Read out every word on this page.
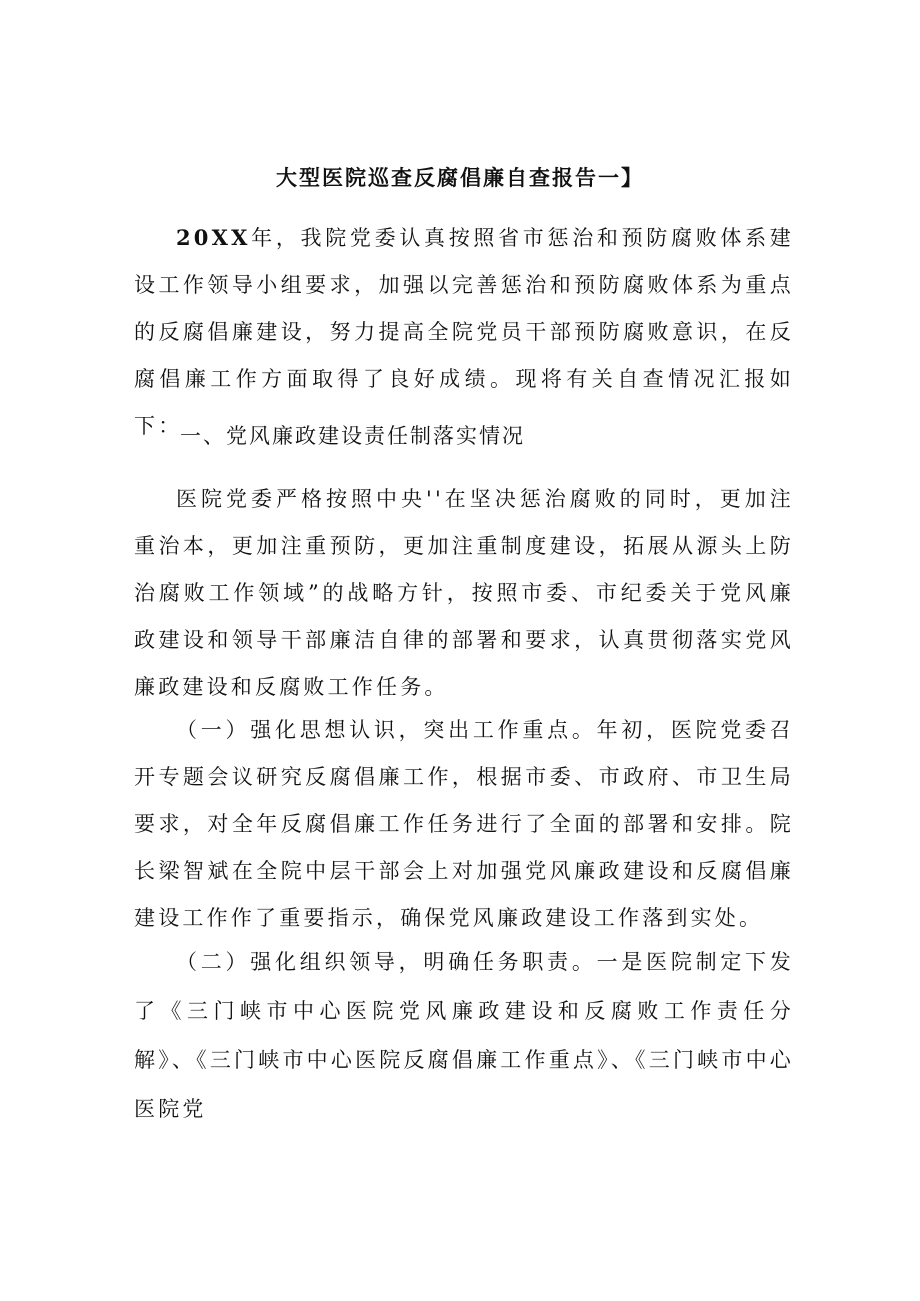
大型医院巡查反腐倡廉自查报告一】
20XX年，我院党委认真按照省市惩治和预防腐败体系建设工作领导小组要求，加强以完善惩治和预防腐败体系为重点的反腐倡廉建设，努力提高全院党员干部预防腐败意识，在反腐倡廉工作方面取得了良好成绩。现将有关自查情况汇报如下：
一、党风廉政建设责任制落实情况
医院党委严格按照中央''在坚决惩治腐败的同时，更加注重治本，更加注重预防，更加注重制度建设，拓展从源头上防治腐败工作领域”的战略方针，按照市委、市纪委关于党风廉政建设和领导干部廉洁自律的部署和要求，认真贯彻落实党风廉政建设和反腐败工作任务。
（一）强化思想认识，突出工作重点。年初，医院党委召开专题会议研究反腐倡廉工作，根据市委、市政府、市卫生局要求，对全年反腐倡廉工作任务进行了全面的部署和安排。院长梁智斌在全院中层干部会上对加强党风廉政建设和反腐倡廉建设工作作了重要指示，确保党风廉政建设工作落到实处。
（二）强化组织领导，明确任务职责。一是医院制定下发了《三门峡市中心医院党风廉政建设和反腐败工作责任分解》、《三门峡市中心医院反腐倡廉工作重点》、《三门峡市中心医院党
